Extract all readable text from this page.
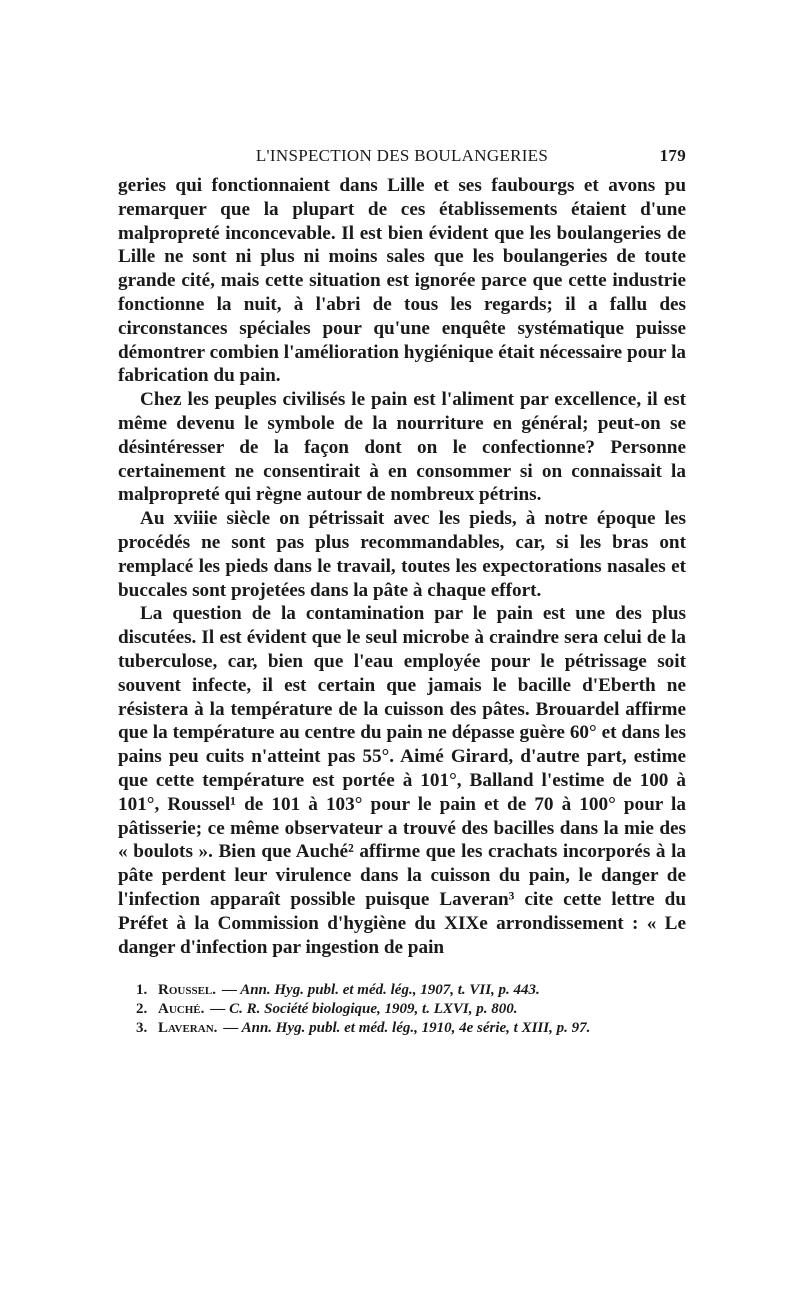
L'INSPECTION DES BOULANGERIES	179

geries qui fonctionnaient dans Lille et ses faubourgs et avons pu remarquer que la plupart de ces établissements étaient d'une malpropreté inconcevable. Il est bien évident que les boulangeries de Lille ne sont ni plus ni moins sales que les boulangeries de toute grande cité, mais cette situation est ignorée parce que cette industrie fonctionne la nuit, à l'abri de tous les regards; il a fallu des circonstances spéciales pour qu'une enquête systématique puisse démontrer combien l'amélioration hygiénique était nécessaire pour la fabrication du pain.

Chez les peuples civilisés le pain est l'aliment par excellence, il est même devenu le symbole de la nourriture en général; peut-on se désintéresser de la façon dont on le confectionne? Personne certainement ne consentirait à en consommer si on connaissait la malpropreté qui règne autour de nombreux pétrins.

Au xviiie siècle on pétrissait avec les pieds, à notre époque les procédés ne sont pas plus recommandables, car, si les bras ont remplacé les pieds dans le travail, toutes les expectorations nasales et buccales sont projetées dans la pâte à chaque effort.

La question de la contamination par le pain est une des plus discutées. Il est évident que le seul microbe à craindre sera celui de la tuberculose, car, bien que l'eau employée pour le pétrissage soit souvent infecte, il est certain que jamais le bacille d'Eberth ne résistera à la température de la cuisson des pâtes. Brouardel affirme que la température au centre du pain ne dépasse guère 60° et dans les pains peu cuits n'atteint pas 55°. Aimé Girard, d'autre part, estime que cette température est portée à 101°, Balland l'estime de 100 à 101°, Roussel¹ de 101 à 103° pour le pain et de 70 à 100° pour la pâtisserie; ce même observateur a trouvé des bacilles dans la mie des « boulots ». Bien que Auché² affirme que les crachats incorporés à la pâte perdent leur virulence dans la cuisson du pain, le danger de l'infection apparaît possible puisque Laveran³ cite cette lettre du Préfet à la Commission d'hygiène du XIXe arrondissement : « Le danger d'infection par ingestion de pain

1. Roussel. — Ann. Hyg. publ. et méd. lég., 1907, t. VII, p. 443.
2. Auché. — C. R. Société biologique, 1909, t. LXVI, p. 800.
3. Laveran. — Ann. Hyg. publ. et méd. lég., 1910, 4e série, t XIII, p. 97.
